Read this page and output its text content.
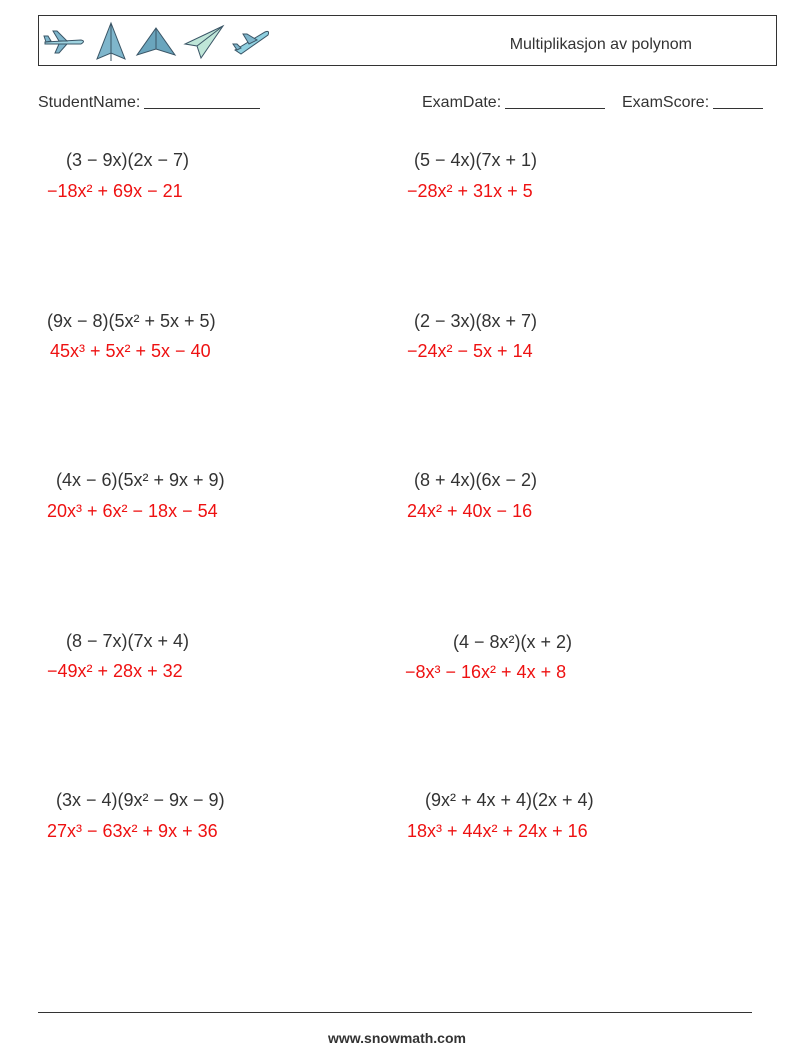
Multiplikasjon av polynom
StudentName:	ExamDate:	ExamScore:
(3 − 9x)(2x − 7)
−18x² + 69x − 21
(5 − 4x)(7x + 1)
−28x² + 31x + 5
(9x − 8)(5x² + 5x + 5)
45x³ + 5x² + 5x − 40
(2 − 3x)(8x + 7)
−24x² − 5x + 14
(4x − 6)(5x² + 9x + 9)
20x³ + 6x² − 18x − 54
(8 + 4x)(6x − 2)
24x² + 40x − 16
(8 − 7x)(7x + 4)
−49x² + 28x + 32
(4 − 8x²)(x + 2)
−8x³ − 16x² + 4x + 8
(3x − 4)(9x² − 9x − 9)
27x³ − 63x² + 9x + 36
(9x² + 4x + 4)(2x + 4)
18x³ + 44x² + 24x + 16
www.snowmath.com
